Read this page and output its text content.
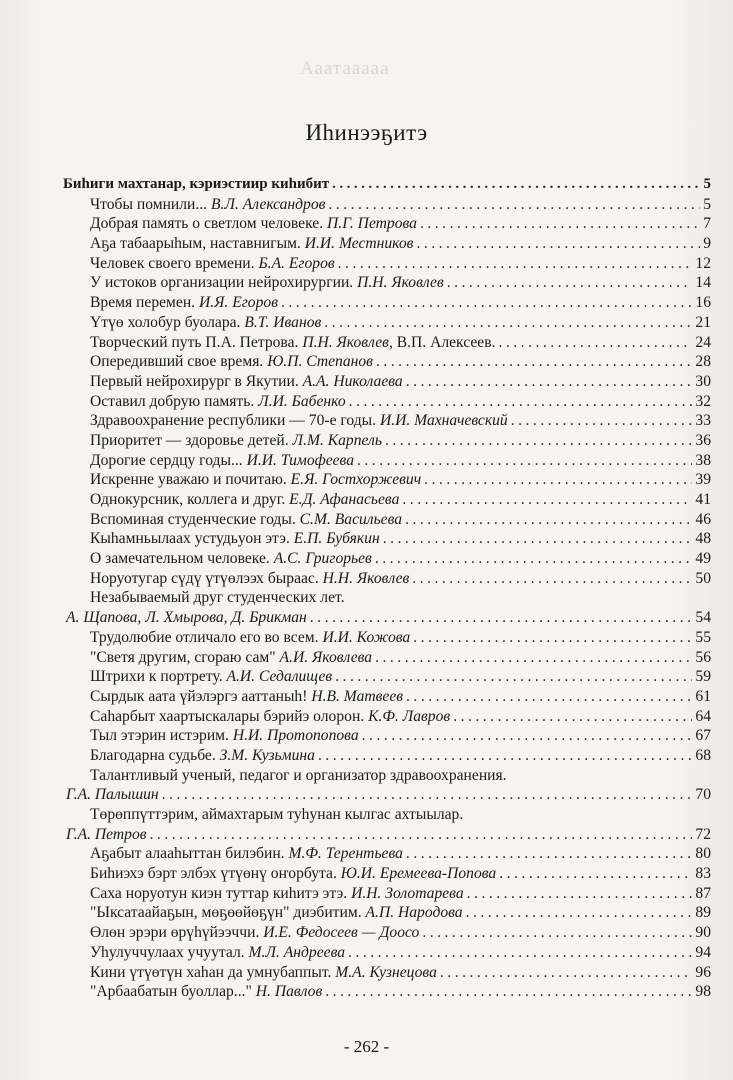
Ааатааааа
Иһинээҕитэ
Биһиги махтанар, кэриэстиир киһибит .....	5
Чтобы помнили... В.Л. Александров .....	5
Добрая память о светлом человеке. П.Г. Петрова .....	7
Аҕа табаарыһым, наставнигым. И.И. Местников .....	9
Человек своего времени. Б.А. Егоров .....	12
У истоков организации нейрохирургии. П.Н. Яковлев .....	14
Время перемен. И.Я. Егоров .....	16
Үтүө холобур буолара. В.Т. Иванов .....	21
Творческий путь П.А. Петрова. П.Н. Яковлев, В.П. Алексеев. .....	24
Опередивший свое время. Ю.П. Степанов .....	28
Первый нейрохирург в Якутии. А.А. Николаева .....	30
Оставил добрую память. Л.И. Бабенко .....	32
Здравоохранение республики — 70-е годы. И.И. Махначевский .....	33
Приоритет — здоровье детей. Л.М. Карпель .....	36
Дорогие сердцу годы... И.И. Тимофеева .....	38
Искренне уважаю и почитаю. Е.Я. Гостхоржевич .....	39
Однокурсник, коллега и друг. Е.Д. Афанасьева .....	41
Вспоминая студенческие годы. С.М. Васильева .....	46
Кыһамньылаах устудьуон этэ. Е.П. Бубякин .....	48
О замечательном человеке. А.С. Григорьев .....	49
Норуотугар сүдү үтүөлээх быраас. Н.Н. Яковлев .....	50
Незабываемый друг студенческих лет.
А. Щапова, Л. Хмырова, Д. Брикман .....	54
Трудолюбие отличало его во всем. И.И. Кожова .....	55
"Светя другим, сгораю сам" А.И. Яковлева .....	56
Штрихи к портрету. А.И. Седалищев .....	59
Сырдык аата үйэлэргэ ааттаныһ! Н.В. Матвеев .....	61
Саһарбыт хаартыскалары бэрийэ олорон. К.Ф. Лавров .....	64
Тыл этэрин истэрим. Н.И. Протопопова .....	67
Благодарна судьбе. З.М. Кузьмина .....	68
Талантливый ученый, педагог и организатор здравоохранения.
Г.А. Палышин .....	70
Төрөппүттэрим, аймахтарым туһунан кылгас ахтыылар.
Г.А. Петров .....	72
Аҕабыт алааһыттан билэбин. М.Ф. Терентьева .....	80
Биһиэхэ бэрт элбэх үтүөнү оҥорбута. Ю.И. Еремеева-Попова .....	83
Саха норуотун киэн туттар киһитэ этэ. И.Н. Золотарева .....	87
"Ыксатаайаҕын, мөҕөөйөҕүн" диэбитим. А.П. Народова .....	89
Өлөн эрэри өрүһүйээччи. И.Е. Федосеев — Доосо .....	90
Уһулуччулаах учуутал. М.Л. Андреева .....	94
Кини үтүөтүн хаһан да умнубаппыт. М.А. Кузнецова .....	96
"Арбаабатын буоллар..." Н. Павлов .....	98
- 262 -
